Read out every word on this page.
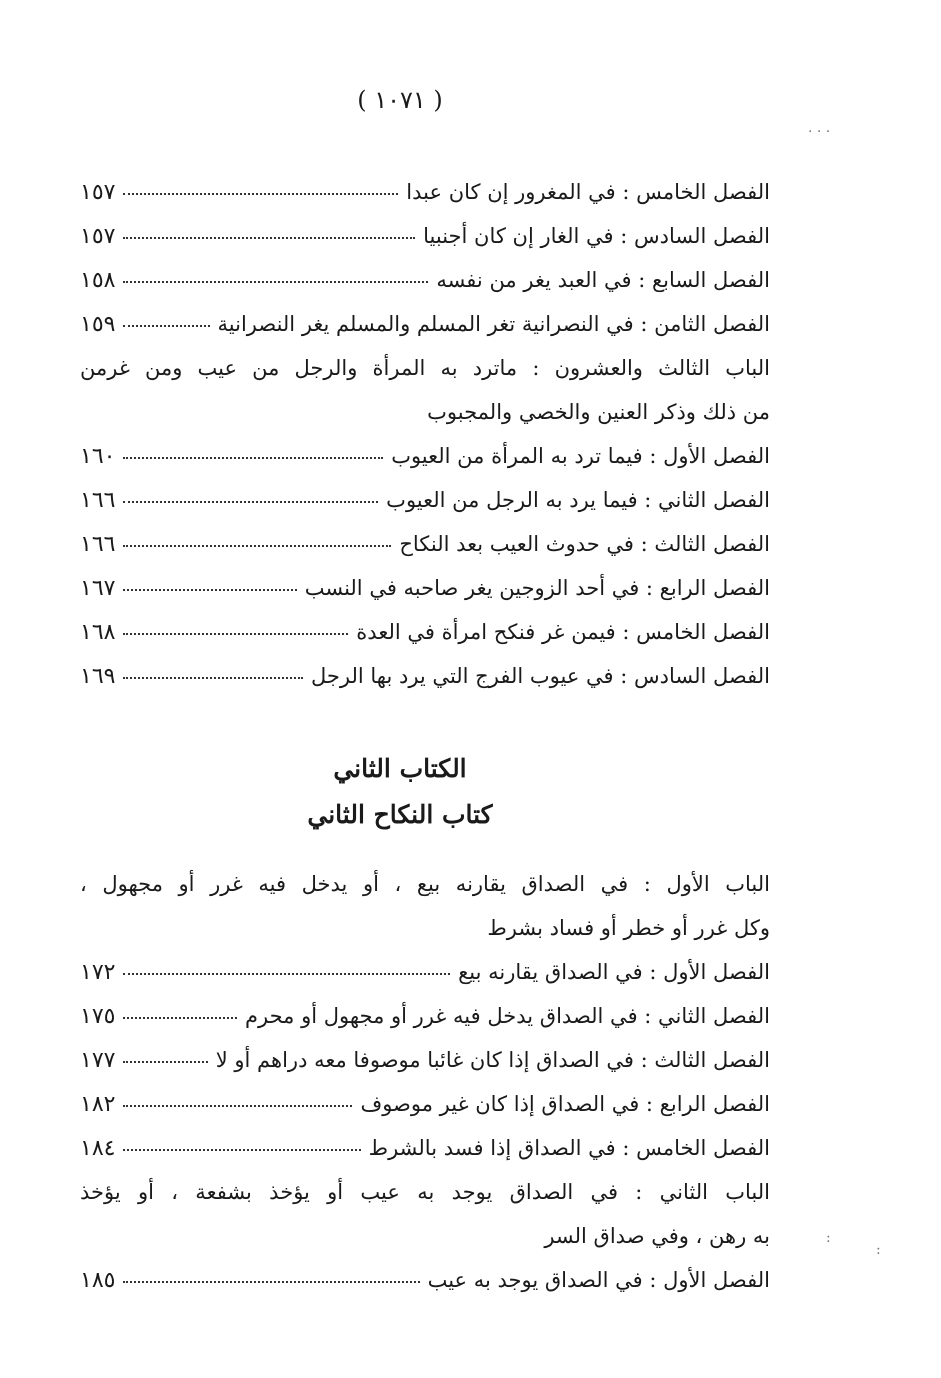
( ١٠٧١ )
. . .
:
:
الفصل الخامس : في المغرور إن كان عبدا
١٥٧
الفصل السادس : في الغار إن كان أجنبيا
١٥٧
الفصل السابع : في العبد يغر من نفسه
١٥٨
الفصل الثامن : في النصرانية تغر المسلم والمسلم يغر النصرانية
١٥٩
الباب الثالث والعشرون : ماترد به المرأة والرجل من عيب ومن غرمن
من ذلك وذكر العنين والخصي والمجبوب
الفصل الأول : فيما ترد به المرأة من العيوب
١٦٠
الفصل الثاني : فيما يرد به الرجل من العيوب
١٦٦
الفصل الثالث : في حدوث العيب بعد النكاح
١٦٦
الفصل الرابع : في أحد الزوجين يغر صاحبه في النسب
١٦٧
الفصل الخامس : فيمن غر فنكح امرأة في العدة
١٦٨
الفصل السادس : في عيوب الفرج التي يرد بها الرجل
١٦٩
الكتاب الثاني
كتاب النكاح الثاني
الباب الأول : في الصداق يقارنه بيع ، أو يدخل فيه غرر أو مجهول ،
وكل غرر أو خطر أو فساد بشرط
الفصل الأول : في الصداق يقارنه بيع
١٧٢
الفصل الثاني : في الصداق يدخل فيه غرر أو مجهول أو محرم
١٧٥
الفصل الثالث : في الصداق إذا كان غائبا موصوفا معه دراهم أو لا
١٧٧
الفصل الرابع : في الصداق إذا كان غير موصوف
١٨٢
الفصل الخامس : في الصداق إذا فسد بالشرط
١٨٤
الباب الثاني : في الصداق يوجد به عيب أو يؤخذ بشفعة ، أو يؤخذ
به رهن ، وفي صداق السر
الفصل الأول : في الصداق يوجد به عيب
١٨٥
